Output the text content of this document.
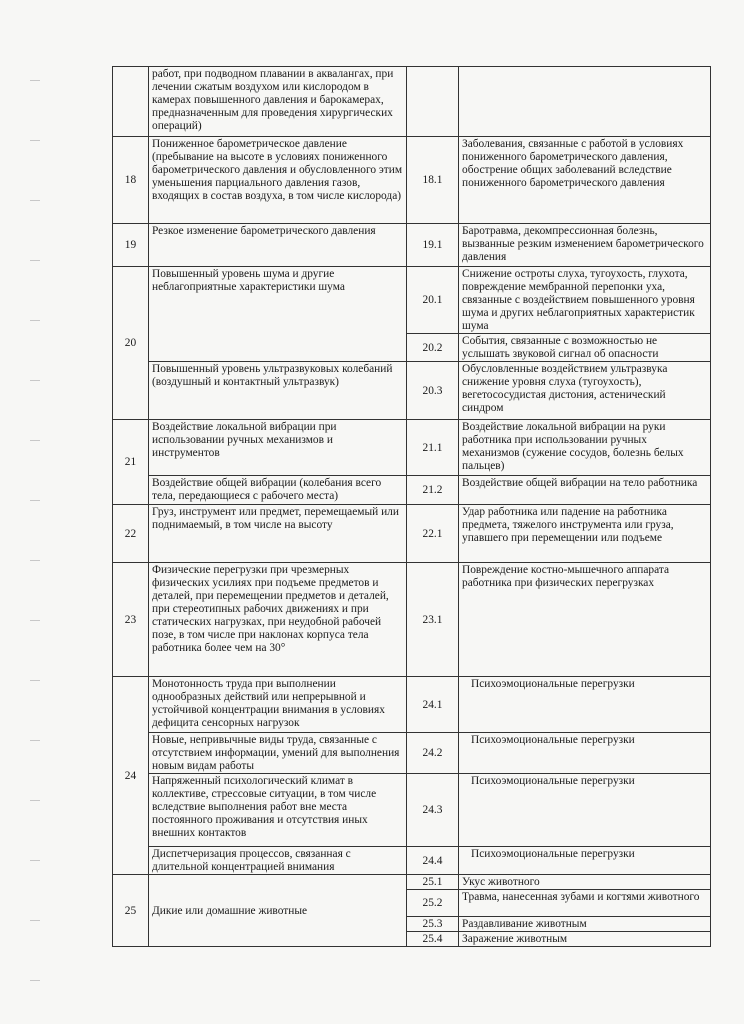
	работ, при подводном плавании в аквалангах, при лечении сжатым воздухом или кислородом в камерах повышенного давления и барокамерах, предназначенным для проведения хирургических операций)		
18	Пониженное барометрическое давление (пребывание на высоте в условиях пониженного барометрического давления и обусловленного этим уменьшения парциального давления газов, входящих в состав воздуха, в том числе кислорода)	18.1	Заболевания, связанные с работой в условиях пониженного барометрического давления, обострение общих заболеваний вследствие пониженного барометрического давления
19	Резкое изменение барометрического давления	19.1	Баротравма, декомпрессионная болезнь, вызванные резким изменением барометрического давления
20	Повышенный уровень шума и другие неблагоприятные характеристики шума	20.1	Снижение остроты слуха, тугоухость, глухота, повреждение мембранной перепонки уха, связанные с воздействием повышенного уровня шума и других неблагоприятных характеристик шума
		20.2	События, связанные с возможностью не услышать звуковой сигнал об опасности
	Повышенный уровень ультразвуковых колебаний (воздушный и контактный ультразвук)	20.3	Обусловленные воздействием ультразвука снижение уровня слуха (тугоухость), вегетососудистая дистония, астенический синдром
21	Воздействие локальной вибрации при использовании ручных механизмов и инструментов	21.1	Воздействие локальной вибрации на руки работника при использовании ручных механизмов (сужение сосудов, болезнь белых пальцев)
	Воздействие общей вибрации (колебания всего тела, передающиеся с рабочего места)	21.2	Воздействие общей вибрации на тело работника
22	Груз, инструмент или предмет, перемещаемый или поднимаемый, в том числе на высоту	22.1	Удар работника или падение на работника предмета, тяжелого инструмента или груза, упавшего при перемещении или подъеме
23	Физические перегрузки при чрезмерных физических усилиях при подъеме предметов и деталей, при перемещении предметов и деталей, при стереотипных рабочих движениях и при статических нагрузках, при неудобной рабочей позе, в том числе при наклонах корпуса тела работника более чем на 30°	23.1	Повреждение костно-мышечного аппарата работника при физических перегрузках
24	Монотонность труда при выполнении однообразных действий или непрерывной и устойчивой концентрации внимания в условиях дефицита сенсорных нагрузок	24.1	Психоэмоциональные перегрузки
	Новые, непривычные виды труда, связанные с отсутствием информации, умений для выполнения новым видам работы	24.2	Психоэмоциональные перегрузки
	Напряженный психологический климат в коллективе, стрессовые ситуации, в том числе вследствие выполнения работ вне места постоянного проживания и отсутствия иных внешних контактов	24.3	Психоэмоциональные перегрузки
	Диспетчеризация процессов, связанная с длительной концентрацией внимания	24.4	Психоэмоциональные перегрузки
25	Дикие или домашние животные	25.1	Укус животного
		25.2	Травма, нанесенная зубами и когтями животного
		25.3	Раздавливание животным
		25.4	Заражение животным
